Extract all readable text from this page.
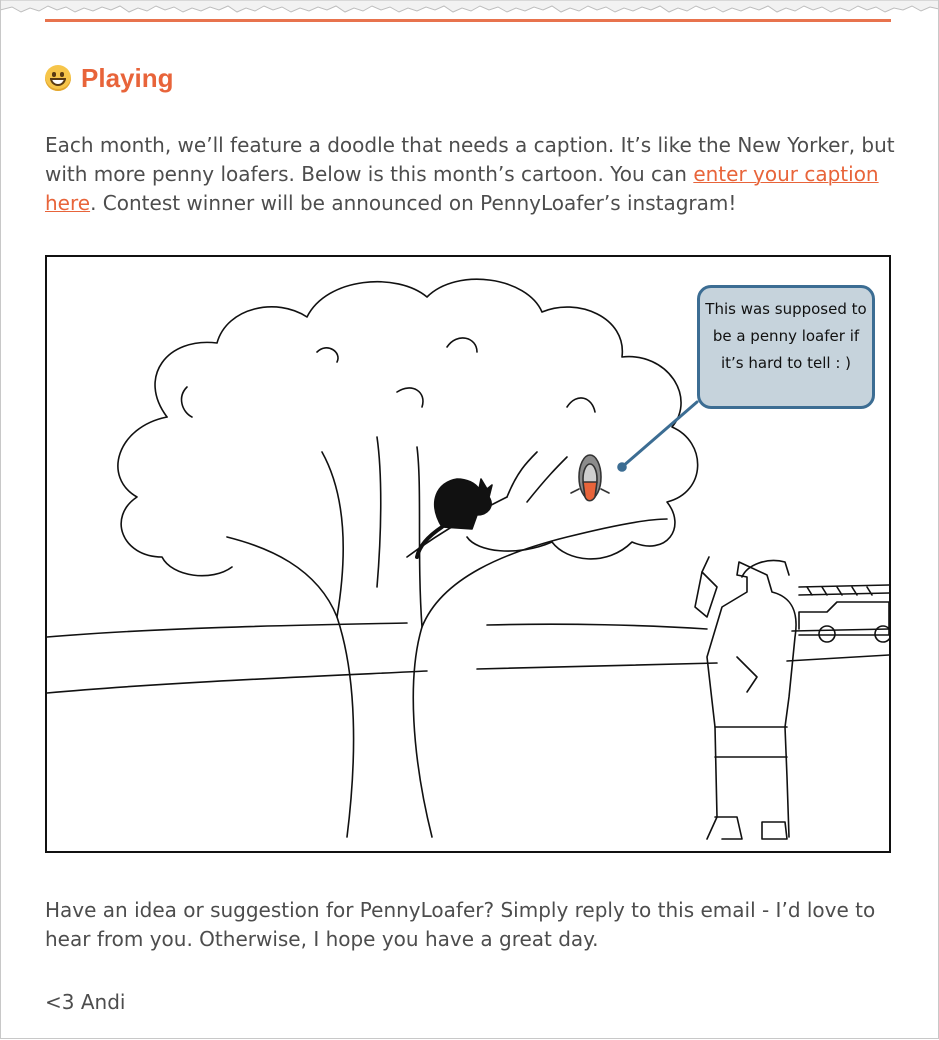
Playing

Each month, we’ll feature a doodle that needs a caption. It’s like the New Yorker, but with more penny loafers. Below is this month’s cartoon. You can enter your caption here. Contest winner will be announced on PennyLoafer’s instagram!

This was supposed to be a penny loafer if it’s hard to tell : )

Have an idea or suggestion for PennyLoafer? Simply reply to this email - I’d love to hear from you. Otherwise, I hope you have a great day.

<3 Andi
